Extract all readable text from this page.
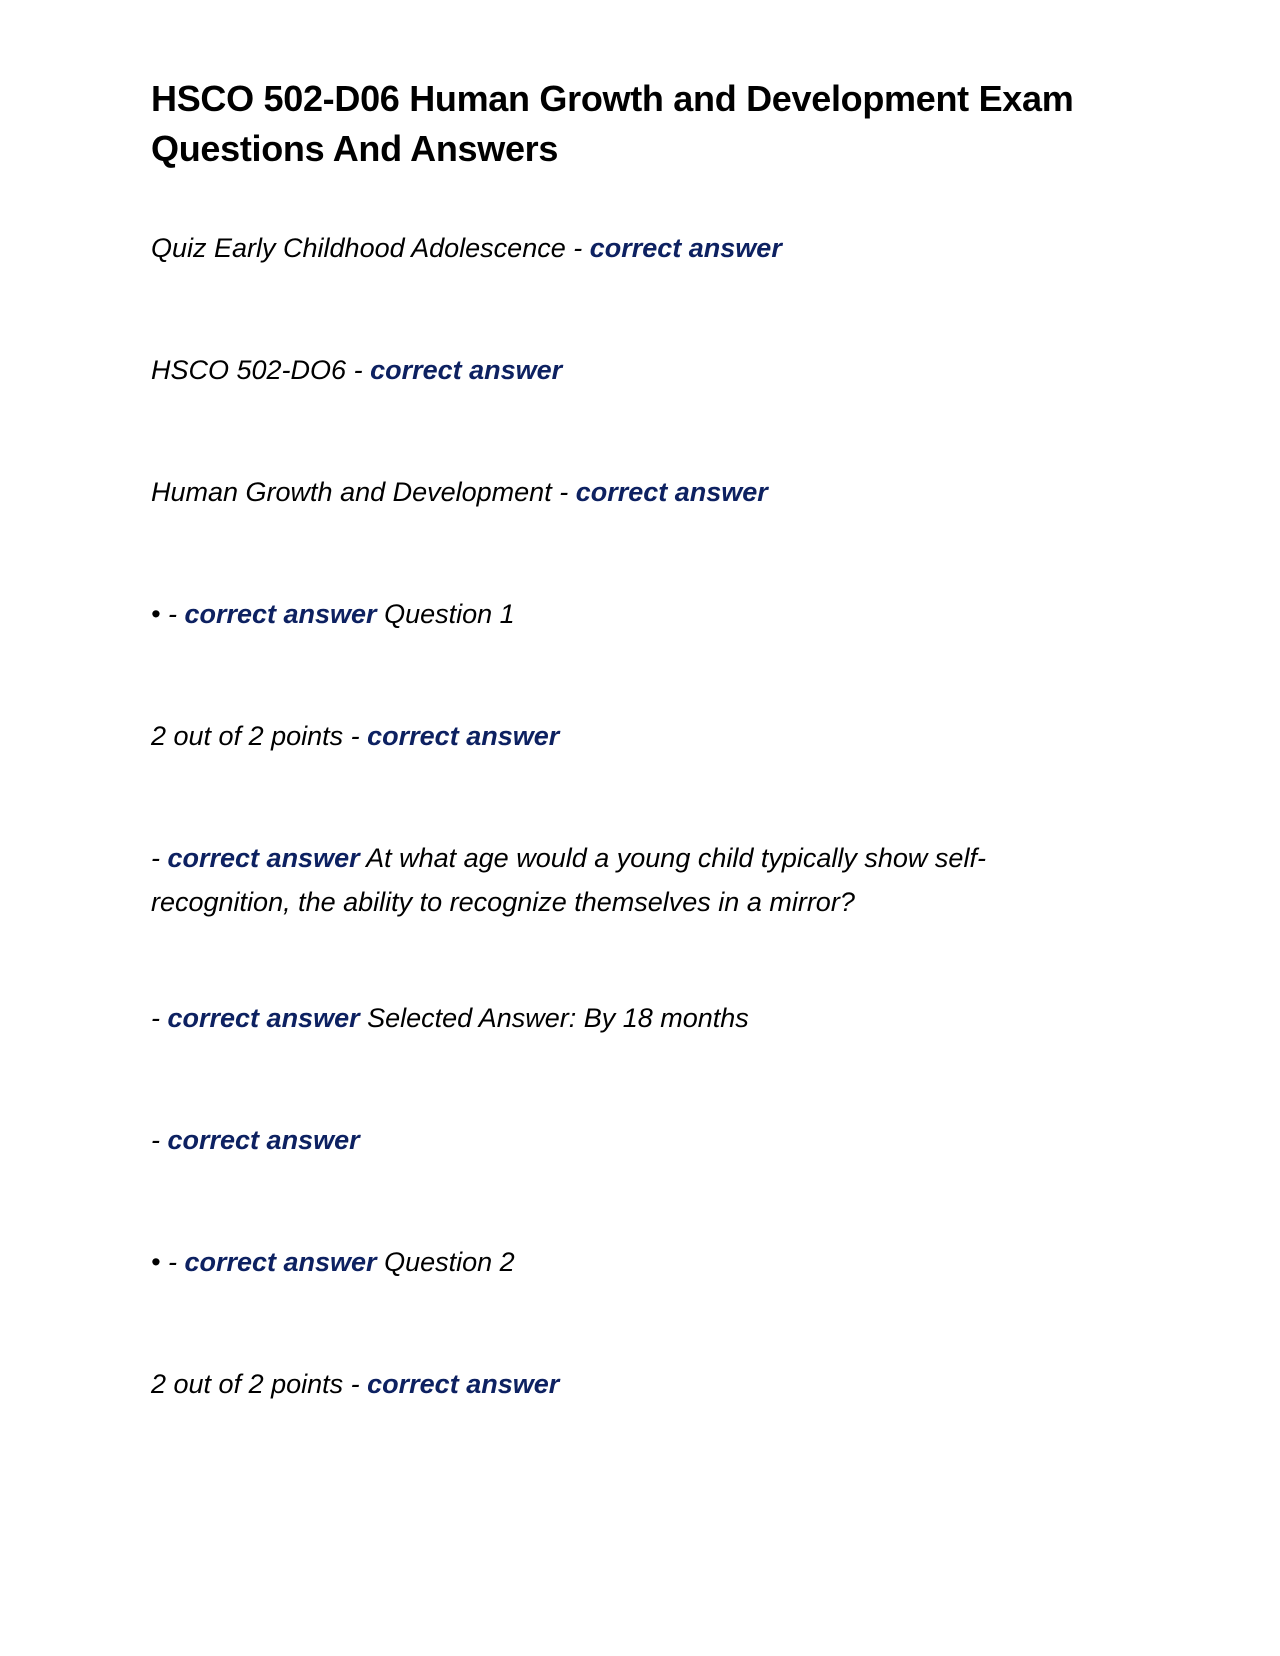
HSCO 502-D06 Human Growth and Development Exam Questions And Answers

Quiz Early Childhood Adolescence - correct answer

HSCO 502-DO6 - correct answer

Human Growth and Development - correct answer

• - correct answer Question 1

2 out of 2 points - correct answer

- correct answer At what age would a young child typically show self-recognition, the ability to recognize themselves in a mirror?

- correct answer Selected Answer: By 18 months

- correct answer

• - correct answer Question 2

2 out of 2 points - correct answer
